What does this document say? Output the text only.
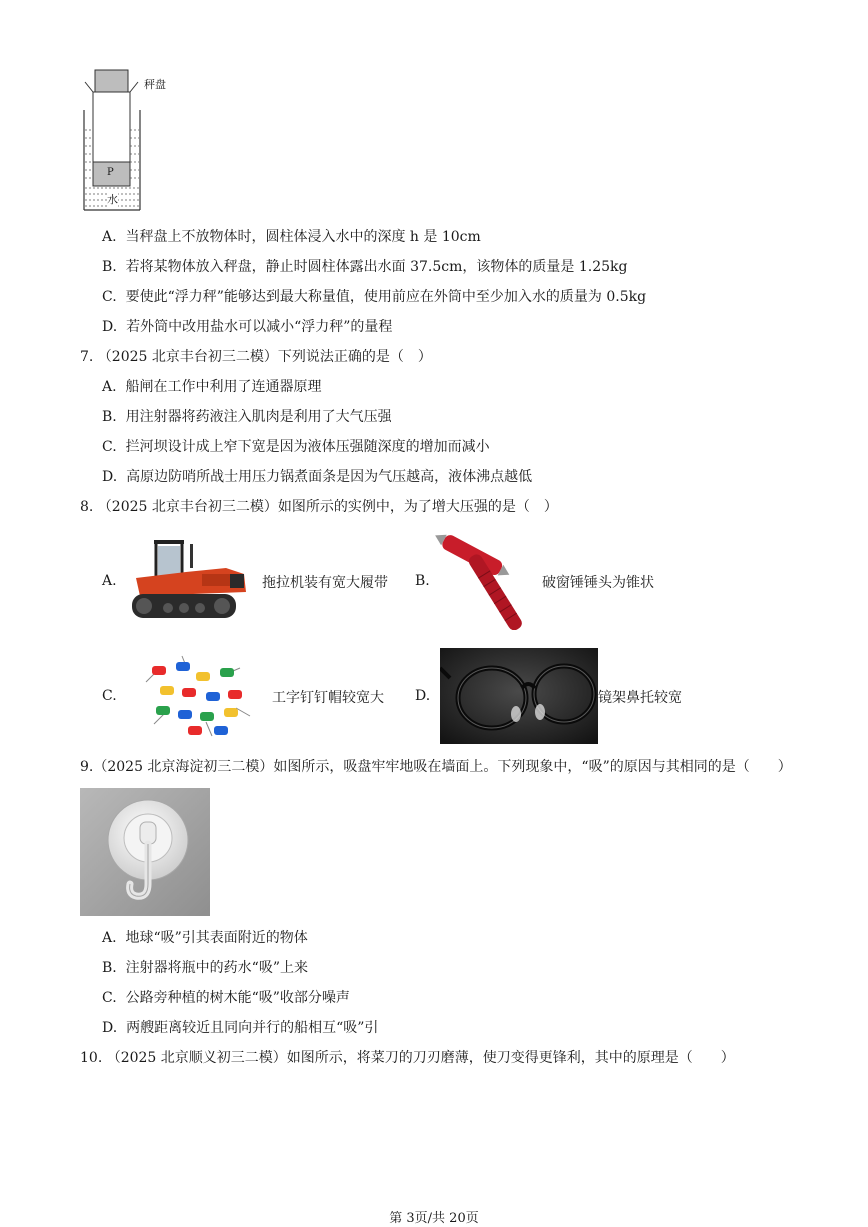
秤盘
P
水
A. 当秤盘上不放物体时，圆柱体浸入水中的深度 h 是 10cm
B. 若将某物体放入秤盘，静止时圆柱体露出水面 37.5cm，该物体的质量是 1.25kg
C. 要使此“浮力秤”能够达到最大称量值，使用前应在外筒中至少加入水的质量为 0.5kg
D. 若外筒中改用盐水可以减小“浮力秤”的量程
7. （2025 北京丰台初三二模）下列说法正确的是（　）
A. 船闸在工作中利用了连通器原理
B. 用注射器将药液注入肌肉是利用了大气压强
C. 拦河坝设计成上窄下宽是因为液体压强随深度的增加而减小
D. 高原边防哨所战士用压力锅煮面条是因为气压越高，液体沸点越低
8. （2025 北京丰台初三二模）如图所示的实例中，为了增大压强的是（　）
A.	拖拉机装有宽大履带 B.	破窗锤锤头为锥状
C.	工字钉钉帽较宽大 D.	镜架鼻托较宽
9.（2025 北京海淀初三二模）如图所示，吸盘牢牢地吸在墙面上。下列现象中，“吸”的原因与其相同的是（　　）
A. 地球“吸”引其表面附近的物体
B. 注射器将瓶中的药水“吸”上来
C. 公路旁种植的树木能“吸”收部分噪声
D. 两艘距离较近且同向并行的船相互“吸”引
10. （2025 北京顺义初三二模）如图所示，将菜刀的刀刃磨薄，使刀变得更锋利，其中的原理是（　　）
第 3页/共 20页
